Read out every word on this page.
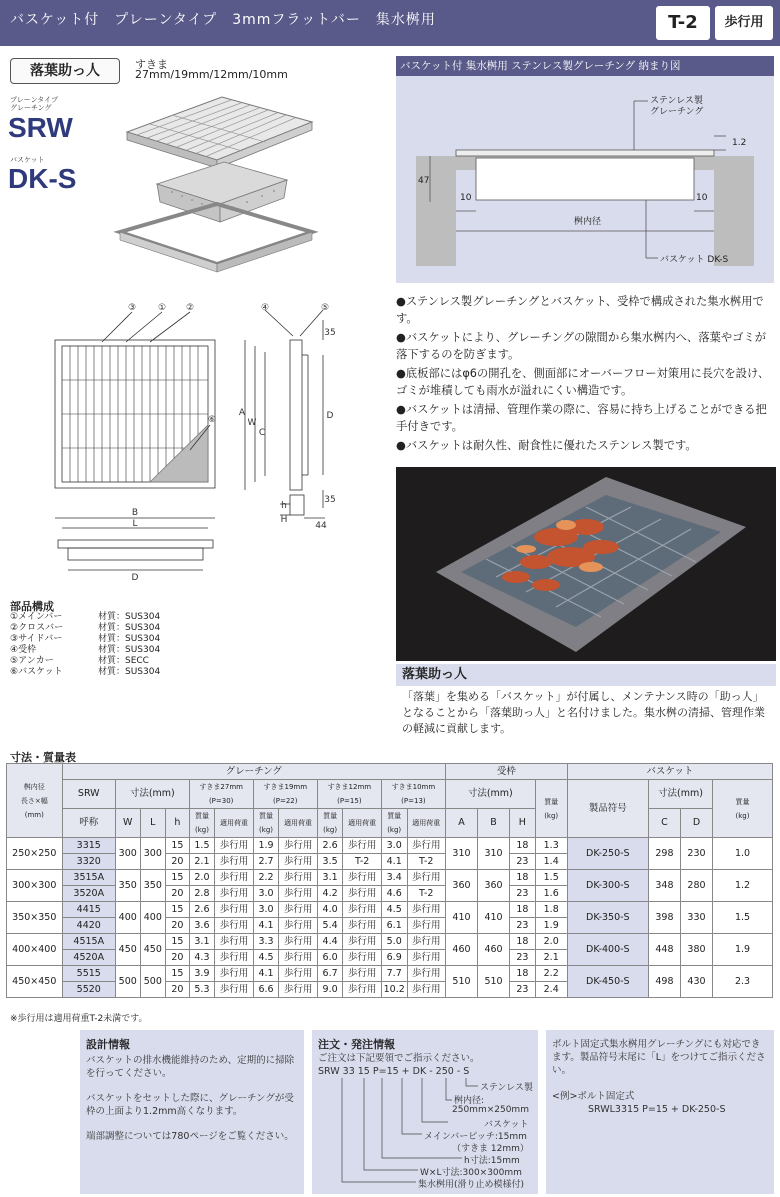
バスケット付　プレーンタイプ　3mmフラットバー　集水桝用	T-2	歩行用
落葉助っ人	すきま
27mm/19mm/12mm/10mm
プレーンタイプ
グレーチング
SRW
バスケット
DK-S
③ ① ②	④	⑤
⑥
A
W
C
D
35
35
h
H
44
B
L
D
部品構成
①メインバー	材質：SUS304
②クロスバー	材質：SUS304
③サイドバー	材質：SUS304
④受枠	材質：SUS304
⑤アンカー	材質：SECC
⑥バスケット	材質：SUS304
バスケット付 集水桝用 ステンレス製グレーチング 納まり図
ステンレス製
グレーチング
1.2
47
10	10
桝内径
バスケット DK-S
●ステンレス製グレーチングとバスケット、受枠で構成された集水桝用です。
●バスケットにより、グレーチングの隙間から集水桝内へ、落葉やゴミが落下するのを防ぎます。
●底板部にはφ6の開孔を、側面部にオーバーフロー対策用に長穴を設け、ゴミが堆積しても雨水が溢れにくい構造です。
●バスケットは清掃、管理作業の際に、容易に持ち上げることができる把手付きです。
●バスケットは耐久性、耐食性に優れたステンレス製です。
落葉助っ人
「落葉」を集める「バスケット」が付属し、メンテナンス時の「助っ人」となることから「落葉助っ人」と名付けました。集水桝の清掃、管理作業の軽減に貢献します。
寸法・質量表
桝内径
長さ×幅
(mm)	グレーチング												受枠				バスケット			
	SRW	寸法(mm)			すきま27mm
(P=30)		すきま19mm
(P=22)		すきま12mm
(P=15)		すきま10mm
(P=13)		寸法(mm)			質量
(kg)	製品符号	寸法(mm)		質量
(kg)
	呼称	W	L	h	質量(kg)	適用荷重	質量(kg)	適用荷重	質量(kg)	適用荷重	質量(kg)	適用荷重	A	B	H			C	D	
250×250	3315	300	300	15	1.5	歩行用	1.9	歩行用	2.6	歩行用	3.0	歩行用	310	310	18	1.3	DK-250-S	298	230	1.0
	3320			20	2.1	歩行用	2.7	歩行用	3.5	T-2	4.1	T-2			23	1.4				
300×300	3515A	350	350	15	2.0	歩行用	2.2	歩行用	3.1	歩行用	3.4	歩行用	360	360	18	1.5	DK-300-S	348	280	1.2
	3520A			20	2.8	歩行用	3.0	歩行用	4.2	歩行用	4.6	T-2			23	1.6				
350×350	4415	400	400	15	2.6	歩行用	3.0	歩行用	4.0	歩行用	4.5	歩行用	410	410	18	1.8	DK-350-S	398	330	1.5
	4420			20	3.6	歩行用	4.1	歩行用	5.4	歩行用	6.1	歩行用			23	1.9				
400×400	4515A	450	450	15	3.1	歩行用	3.3	歩行用	4.4	歩行用	5.0	歩行用	460	460	18	2.0	DK-400-S	448	380	1.9
	4520A			20	4.3	歩行用	4.5	歩行用	6.0	歩行用	6.9	歩行用			23	2.1				
450×450	5515	500	500	15	3.9	歩行用	4.1	歩行用	6.7	歩行用	7.7	歩行用	510	510	18	2.2	DK-450-S	498	430	2.3
	5520			20	5.3	歩行用	6.6	歩行用	9.0	歩行用	10.2	歩行用			23	2.4				
※歩行用は適用荷重T-2未満です。
設計情報
バスケットの排水機能維持のため、定期的に掃除を行ってください。
バスケットをセットした際に、グレーチングが受枠の上面より1.2mm高くなります。
端部調整については780ページをご覧ください。
注文・発注情報
ご注文は下記要領でご指示ください。
SRW 33 15 P=15 + DK - 250 - S
ステンレス製
桝内径:
250mm×250mm
バスケット
メインバーピッチ:15mm
（すきま 12mm）
h寸法:15mm
W×L寸法:300×300mm
集水桝用(滑り止め模様付)
ボルト固定式集水桝用グレーチングにも対応できます。製品符号末尾に「L」をつけてご指示ください。
<例>ボルト固定式
SRWL3315 P=15 + DK-250-S
